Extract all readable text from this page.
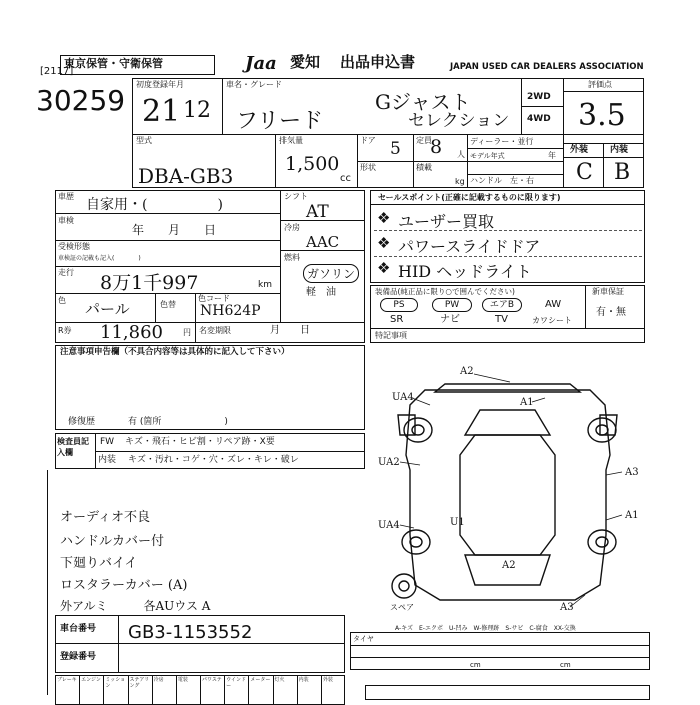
東京保管・守衛保管
[2117]
30259
Jaa 愛知 出品申込書	JAPAN USED CAR DEALERS ASSOCIATION
初度登録年月
21 12
車名・グレード
フリード
Gジャスト
セレクション
2WD
4WD
評価点
3.5
型式
DBA-GB3
排気量
1,500
cc
ドア 5
形状
定員
8 人
積載
kg
ディーラー・並行
モデル年式	年
ハンドル　左・右
外装 内装
C B
車歴
自家用・(　　　　　)
車検
年　　月　　日
受検形態
車検証の記載も記入(　　　　)
走行 8万1千997	km
色 パール	色替
色コード
NH624P
シフト
AT
冷房
AAC
燃料
ガソリン
軽　油
R券 11,860	円 名変期限	月　　日
セールスポイント(正確に記載するものに限ります)
❖ ユーザー買取
❖ パワースライドドア
❖ HID ヘッドライト
装備品(純正品に限り○で囲んでください)	新車保証
有・無
PS	PW	エアB	AW
SR	ナビ	TV	カワシート
特記事項
注意事項申告欄（不具合内容等は具体的に記入して下さい）
修復歴	有 (箇所　　　　　　　)
検査員記入欄
FW キズ・飛石・ヒビ割・リペア跡・X要
内装 キズ・汚れ・コゲ・穴・ズレ・キレ・破レ
オーディオ不良
ハンドルカバー付
下廻りバイイ
ロスタラーカバー (A)
外アルミ　　　各AUウス A
車台番号 GB3-1153552
登録番号
ブレーキ エンジン ミッション
ステアリング
冷房	電装	パワステ ウインドー
メーター 灯火	内装	外装
A2
A1
UA4
UA2
A3
A1
UA4	U1
A2
A3
スペア
A-キズ　E-エクボ　U-凹み　W-修理跡　S-サビ　C-腐食　XX-交換
タイヤ
cm	cm
